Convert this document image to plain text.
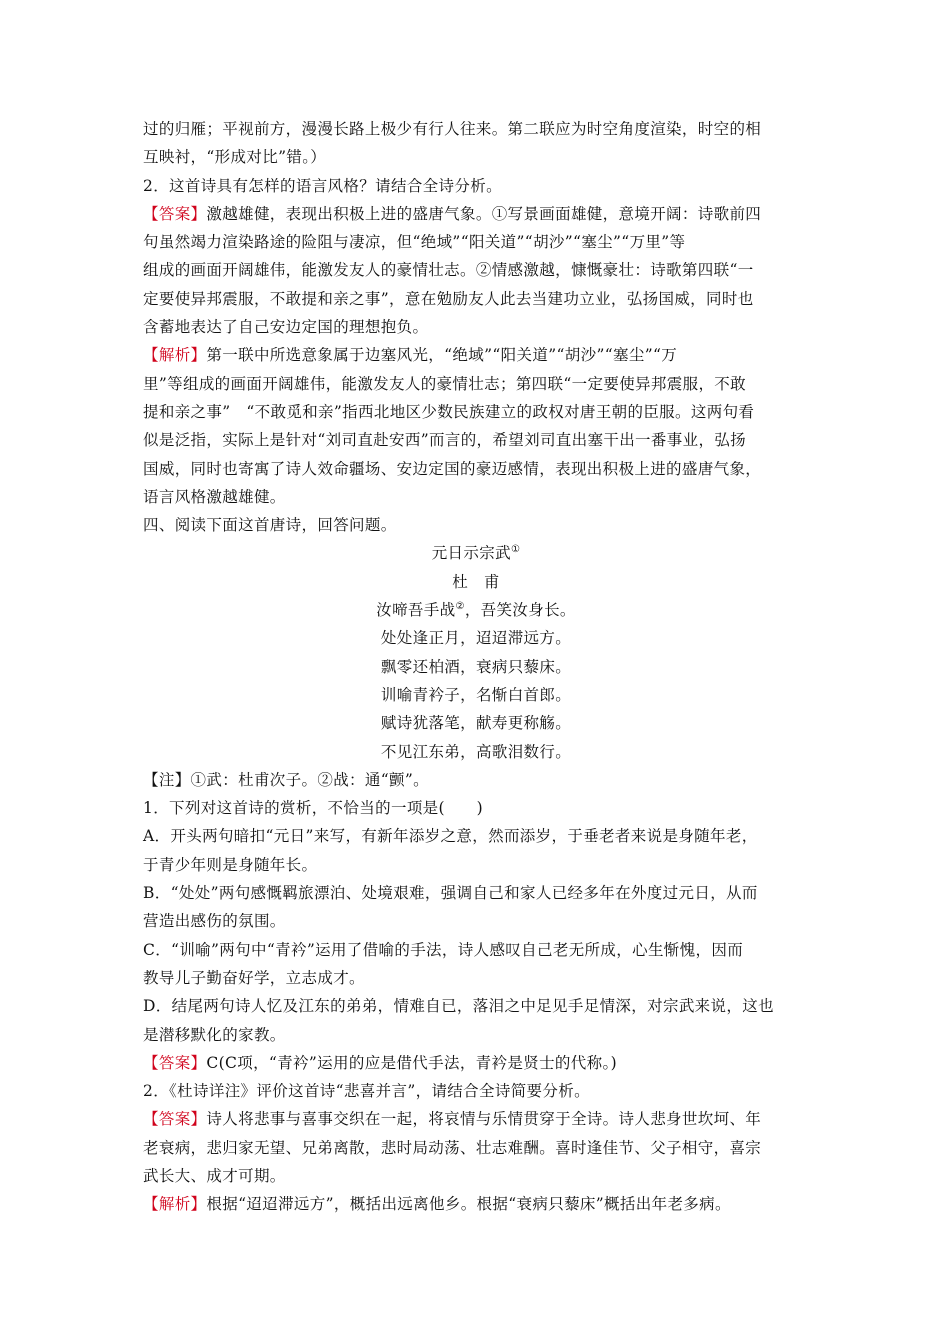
过的归雁；平视前方，漫漫长路上极少有行人往来。第二联应为时空角度渲染，时空的相

互映衬，“形成对比”错。）

2．这首诗具有怎样的语言风格？请结合全诗分析。

【答案】激越雄健，表现出积极上进的盛唐气象。①写景画面雄健，意境开阔：诗歌前四

句虽然竭力渲染路途的险阻与凄凉，但“绝域”“阳关道”“胡沙”“塞尘”“万里”等

组成的画面开阔雄伟，能激发友人的豪情壮志。②情感激越，慷慨豪壮：诗歌第四联“一

定要使异邦震服，不敢提和亲之事”，意在勉励友人此去当建功立业，弘扬国威，同时也

含蓄地表达了自己安边定国的理想抱负。

【解析】第一联中所选意象属于边塞风光，“绝域”“阳关道”“胡沙”“塞尘”“万

里”等组成的画面开阔雄伟，能激发友人的豪情壮志；第四联“一定要使异邦震服，不敢

提和亲之事”　“不敢觅和亲”指西北地区少数民族建立的政权对唐王朝的臣服。这两句看

似是泛指，实际上是针对“刘司直赴安西”而言的，希望刘司直出塞干出一番事业，弘扬

国威，同时也寄寓了诗人效命疆场、安边定国的豪迈感情，表现出积极上进的盛唐气象，

语言风格激越雄健。

四、阅读下面这首唐诗，回答问题。

元日示宗武①

杜　甫

汝啼吾手战②，吾笑汝身长。

处处逢正月，迢迢滞远方。

飘零还柏酒，衰病只藜床。

训喻青衿子，名惭白首郎。

赋诗犹落笔，献寿更称觞。

不见江东弟，高歌泪数行。

【注】①武：杜甫次子。②战：通“颤”。

1．下列对这首诗的赏析，不恰当的一项是(　　)

A．开头两句暗扣“元日”来写，有新年添岁之意，然而添岁，于垂老者来说是身随年老，

于青少年则是身随年长。

B．“处处”两句感慨羁旅漂泊、处境艰难，强调自己和家人已经多年在外度过元日，从而

营造出感伤的氛围。

C．“训喻”两句中“青衿”运用了借喻的手法，诗人感叹自己老无所成，心生惭愧，因而

教导儿子勤奋好学，立志成才。

D．结尾两句诗人忆及江东的弟弟，情难自已，落泪之中足见手足情深，对宗武来说，这也

是潜移默化的家教。

【答案】C(C项，“青衿”运用的应是借代手法，青衿是贤士的代称。)

2．《杜诗详注》评价这首诗“悲喜并言”，请结合全诗简要分析。

【答案】诗人将悲事与喜事交织在一起，将哀情与乐情贯穿于全诗。诗人悲身世坎坷、年

老衰病，悲归家无望、兄弟离散，悲时局动荡、壮志难酬。喜时逢佳节、父子相守，喜宗

武长大、成才可期。

【解析】根据“迢迢滞远方”，概括出远离他乡。根据“衰病只藜床”概括出年老多病。
